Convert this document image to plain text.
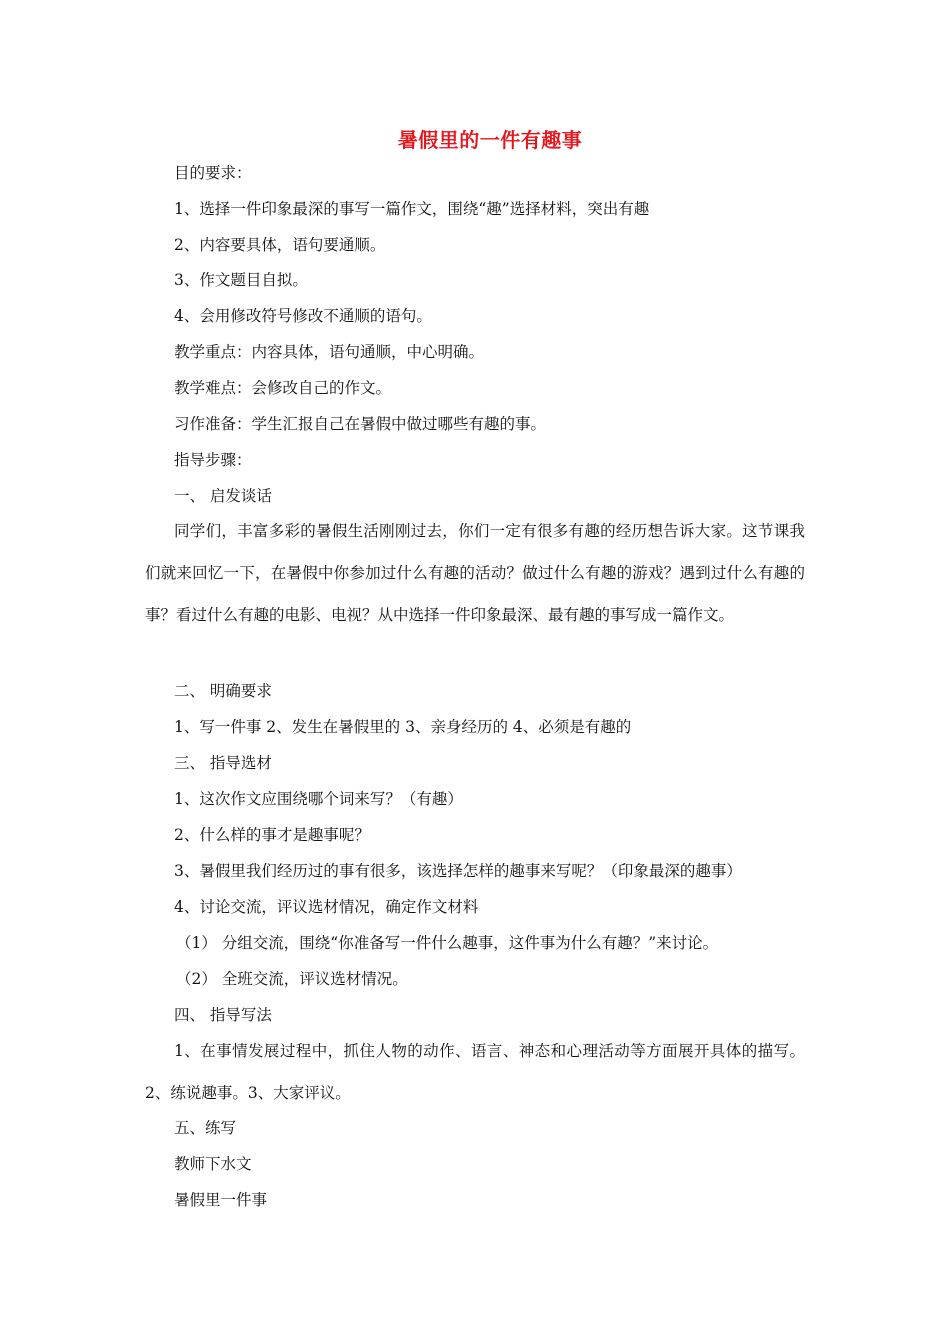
暑假里的一件有趣事
目的要求：
1、选择一件印象最深的事写一篇作文，围绕“趣”选择材料，突出有趣
2、内容要具体，语句要通顺。
3、作文题目自拟。
4、会用修改符号修改不通顺的语句。
教学重点：内容具体，语句通顺，中心明确。
教学难点：会修改自己的作文。
习作准备：学生汇报自己在暑假中做过哪些有趣的事。
指导步骤：
一、 启发谈话
同学们，丰富多彩的暑假生活刚刚过去，你们一定有很多有趣的经历想告诉大家。这节课我们就来回忆一下，在暑假中你参加过什么有趣的活动？做过什么有趣的游戏？遇到过什么有趣的事？看过什么有趣的电影、电视？从中选择一件印象最深、最有趣的事写成一篇作文。
二、 明确要求
1、写一件事 2、发生在暑假里的 3、亲身经历的 4、必须是有趣的
三、 指导选材
1、这次作文应围绕哪个词来写？（有趣）
2、什么样的事才是趣事呢？
3、暑假里我们经历过的事有很多，该选择怎样的趣事来写呢？（印象最深的趣事）
4、讨论交流，评议选材情况，确定作文材料
（1） 分组交流，围绕“你准备写一件什么趣事，这件事为什么有趣？”来讨论。
（2） 全班交流，评议选材情况。
四、 指导写法
1、在事情发展过程中，抓住人物的动作、语言、神态和心理活动等方面展开具体的描写。2、练说趣事。3、大家评议。
五、练写
教师下水文
暑假里一件事
